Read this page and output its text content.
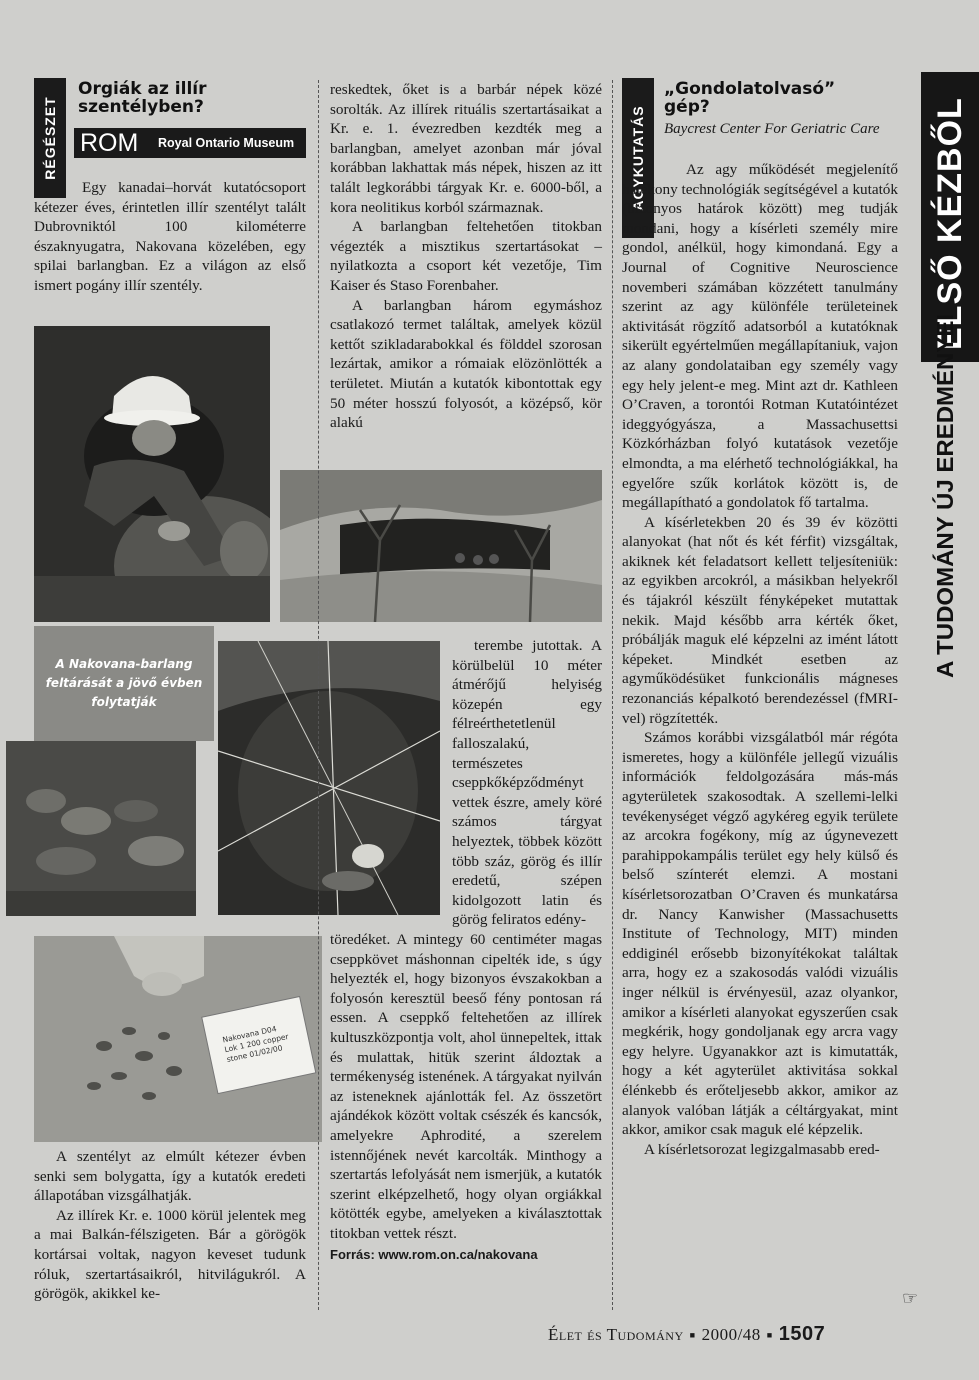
RÉGÉSZET
Orgiák az illír
szentélyben?
ROM Royal Ontario Museum

Egy kanadai–horvát kutatócsoport kétezer éves, érintetlen illír szentélyt talált Dubrovniktól 100 kilométerre északnyugatra, Nakovana közelében, egy spilai barlangban. Ez a világon az első ismert pogány illír szentély.

A Nakovana-barlang feltárását a jövő évben folytatják
Nakovana D04 Lok 1 200 copper stone 01/02/00

A szentélyt az elmúlt kétezer évben senki sem bolygatta, így a kutatók eredeti állapotában vizsgálhatják.

Az illírek Kr. e. 1000 körül jelentek meg a mai Balkán-félszigeten. Bár a görögök kortársai voltak, nagyon keveset tudunk róluk, szertartásaikról, hitvilágukról. A görögök, akikkel ke-

reskedtek, őket is a barbár népek közé sorolták. Az illírek rituális szertartásaikat a Kr. e. 1. évezredben kezdték meg a barlangban, amelyet azonban már jóval korábban lakhattak más népek, hiszen az itt talált legkorábbi tárgyak Kr. e. 6000-ből, a kora neolitikus korból származnak.

A barlangban feltehetően titokban végezték a misztikus szertartásokat – nyilatkozta a csoport két vezetője, Tim Kaiser és Staso Forenbaher.

A barlangban három egymáshoz csatlakozó termet találtak, amelyek közül kettőt szikladarabokkal és földdel szorosan lezártak, amikor a rómaiak elözönlötték a területet. Miután a kutatók kibontottak egy 50 méter hosszú folyosót, a középső, kör alakú

terembe jutottak. A körülbelül 10 méter átmérőjű helyiség közepén egy félreérthetetlenül falloszalakú, természetes cseppkőképződményt vettek észre, amely köré számos tárgyat helyeztek, többek között több száz, görög és illír eredetű, szépen kidolgozott latin és görög feliratos edény-

töredéket. A mintegy 60 centiméter magas cseppkövet máshonnan cipelték ide, s úgy helyezték el, hogy bizonyos évszakokban a folyosón keresztül beeső fény pontosan rá essen. A cseppkő feltehetően az illírek kultuszközpontja volt, ahol ünnepeltek, ittak és mulattak, hitük szerint áldoztak a termékenység istenének. A tárgyakat nyilván az isteneknek ajánlották fel. Az összetört ajándékok között voltak csészék és kancsók, amelyekre Aphrodité, a szerelem istennőjének nevét karcolták. Minthogy a szertartás lefolyását nem ismerjük, a kutatók szerint elképzelhető, hogy olyan orgiákkal kötötték egybe, amelyeken a kiválasztottak titokban vettek részt.

Forrás: www.rom.on.ca/nakovana

AGYKUTATÁS
„Gondolatolvasó”
gép?
Baycrest Center For Geriatric Care

Az agy működését megjelenítő hatékony technológiák segítségével a kutatók (bizonyos határok között) meg tudják mondani, hogy a kísérleti személy mire gondol, anélkül, hogy kimondaná. Egy a Journal of Cognitive Neuroscience novemberi számában közzétett tanulmány szerint az agy különféle területeinek aktivitását rögzítő adatsorból a kutatóknak sikerült egyértelműen megállapítaniuk, vajon az alany gondolataiban egy személy vagy egy hely jelent-e meg. Mint azt dr. Kathleen O’Craven, a torontói Rotman Kutatóintézet ideggyógyásza, a Massachusettsi Közkórházban folyó kutatások vezetője elmondta, a ma elérhető technológiákkal, ha egyelőre szűk korlátok között is, de megállapítható a gondolatok fő tartalma.

A kísérletekben 20 és 39 év közötti alanyokat (hat nőt és két férfit) vizsgáltak, akiknek két feladatsort kellett teljesíteniük: az egyikben arcokról, a másikban helyekről és tájakról készült fényképeket mutattak nekik. Majd később arra kérték őket, próbálják maguk elé képzelni az imént látott képeket. Mindkét esetben az agyműködésüket funkcionális mágneses rezonanciás képalkotó berendezéssel (fMRI-vel) rögzítették.

Számos korábbi vizsgálatból már régóta ismeretes, hogy a különféle jellegű vizuális információk feldolgozására más-más agyterületek szakosodtak. A szellemi-lelki tevékenységet végző agykéreg egyik területe az arcokra fogékony, míg az úgynevezett parahippokampális terület egy hely külső és belső színterét elemzi. A mostani kísérletsorozatban O’Craven és munkatársa dr. Nancy Kanwisher (Massachusetts Institute of Technology, MIT) minden eddiginél erősebb bizonyítékokat találtak arra, hogy ez a szakosodás valódi vizuális inger nélkül is érvényesül, azaz olyankor, amikor a kísérleti alanyokat egyszerűen csak megkérik, hogy gondoljanak egy arcra vagy egy helyre. Ugyanakkor azt is kimutatták, hogy a két agyterület aktivitása sokkal élénkebb és erőteljesebb akkor, amikor az alanyok valóban látják a céltárgyakat, mint akkor, amikor csak maguk elé képzelik.

A kísérletsorozat legizgalmasabb ered-

☞
ELSŐ KÉZBŐL
A TUDOMÁNY ÚJ EREDMÉNYEI
Élet és Tudomány ■ 2000/48 ■ 1507
